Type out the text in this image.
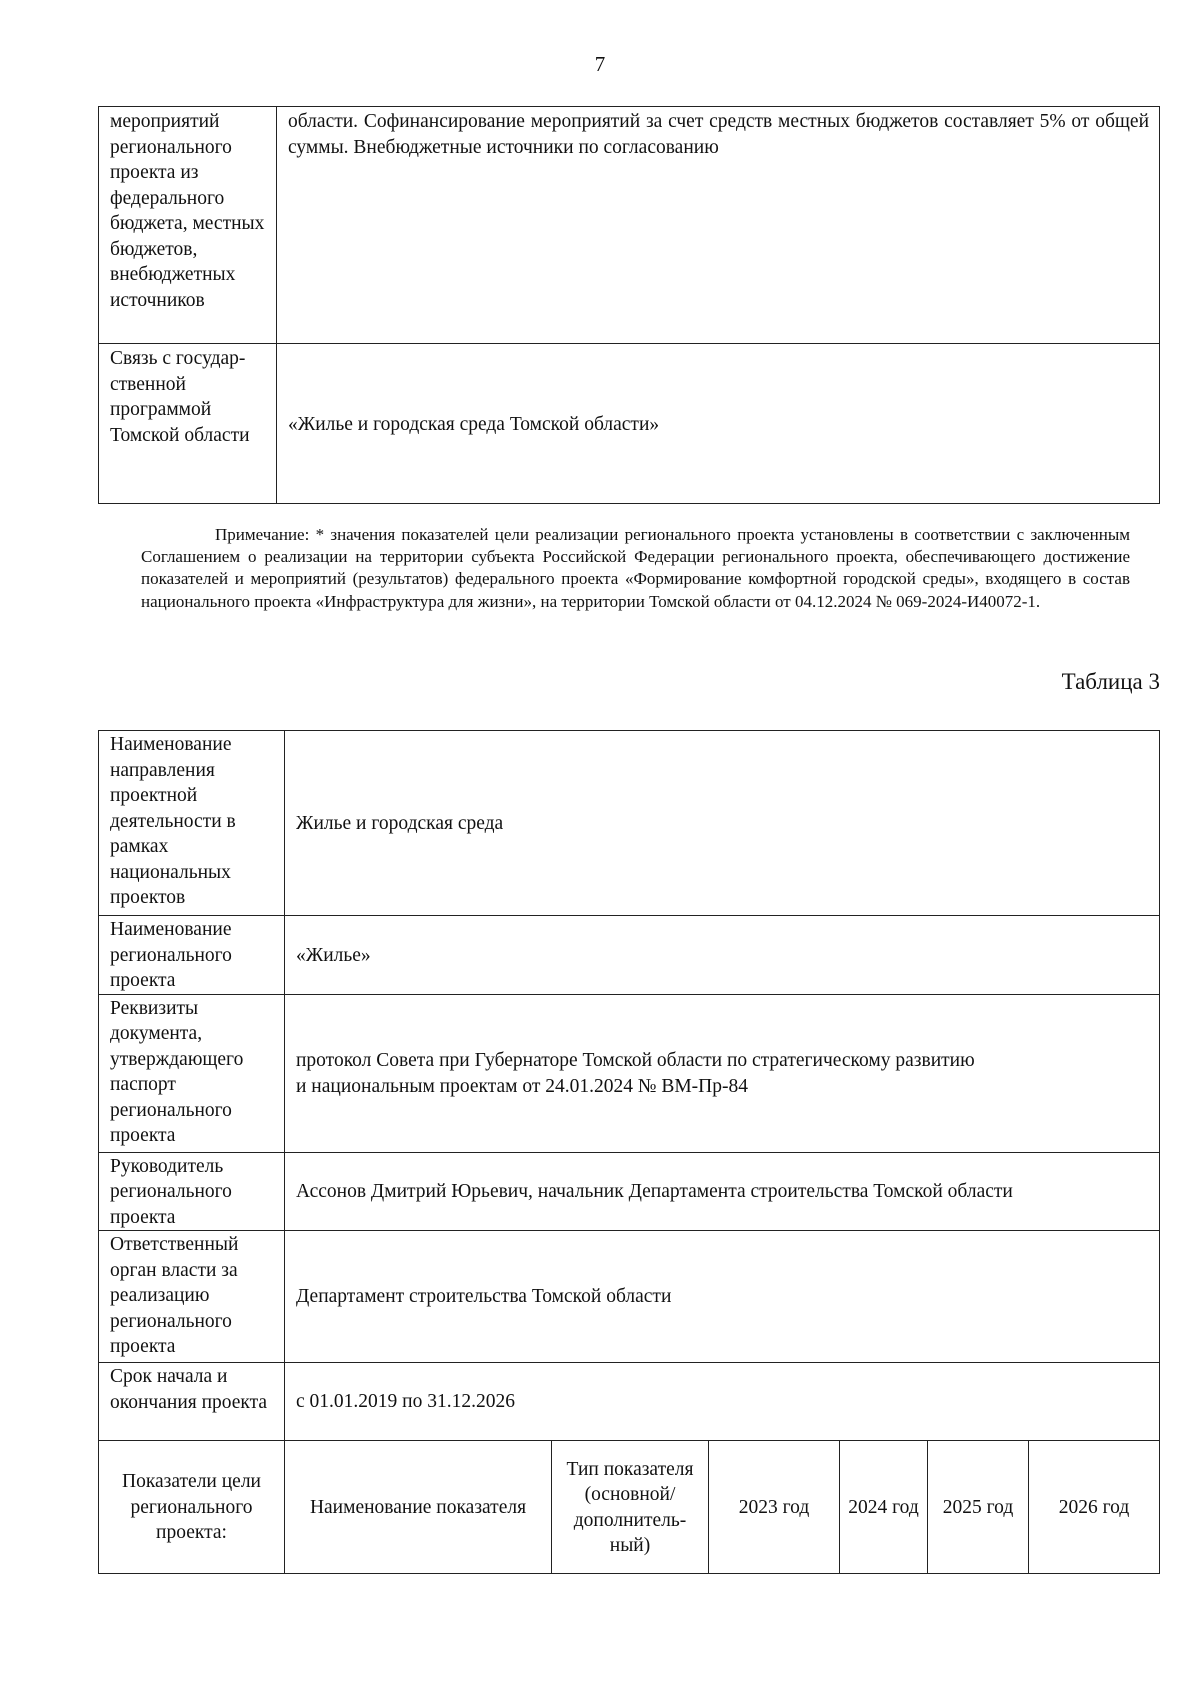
7
мероприятий регионального проекта из федерального бюджета, местных бюджетов, внебюджетных источников	области. Софинансирование мероприятий за счет средств местных бюджетов составляет 5% от общей суммы. Внебюджетные источники по согласованию
Связь с государ-ственной программой Томской области	«Жилье и городская среда Томской области»
Примечание: * значения показателей цели реализации регионального проекта установлены в соответствии с заключенным Соглашением о реализации на территории субъекта Российской Федерации регионального проекта, обеспечивающего достижение показателей и мероприятий (результатов) федерального проекта «Формирование комфортной городской среды», входящего в состав национального проекта «Инфраструктура для жизни», на территории Томской области от 04.12.2024 № 069-2024-И40072-1.
Таблица 3
Наименование направления проектной деятельности в рамках национальных проектов	Жилье и городская среда					
Наименование регионального проекта	«Жилье»					
Реквизиты документа, утверждающего паспорт регионального проекта	протокол Совета при Губернаторе Томской области по стратегическому развитию
и национальным проектам от 24.01.2024 № ВМ-Пр-84					

Руководитель регионального проекта	Ассонов Дмитрий Юрьевич, начальник Департамента строительства Томской области					
Ответственный орган власти за реализацию регионального проекта	Департамент строительства Томской области					
Срок начала и окончания проекта	с 01.01.2019 по 31.12.2026					
Показатели цели регионального проекта:	Наименование показателя	Тип показателя (основной/ дополнитель-ный)	2023 год	2024 год	2025 год	2026 год
